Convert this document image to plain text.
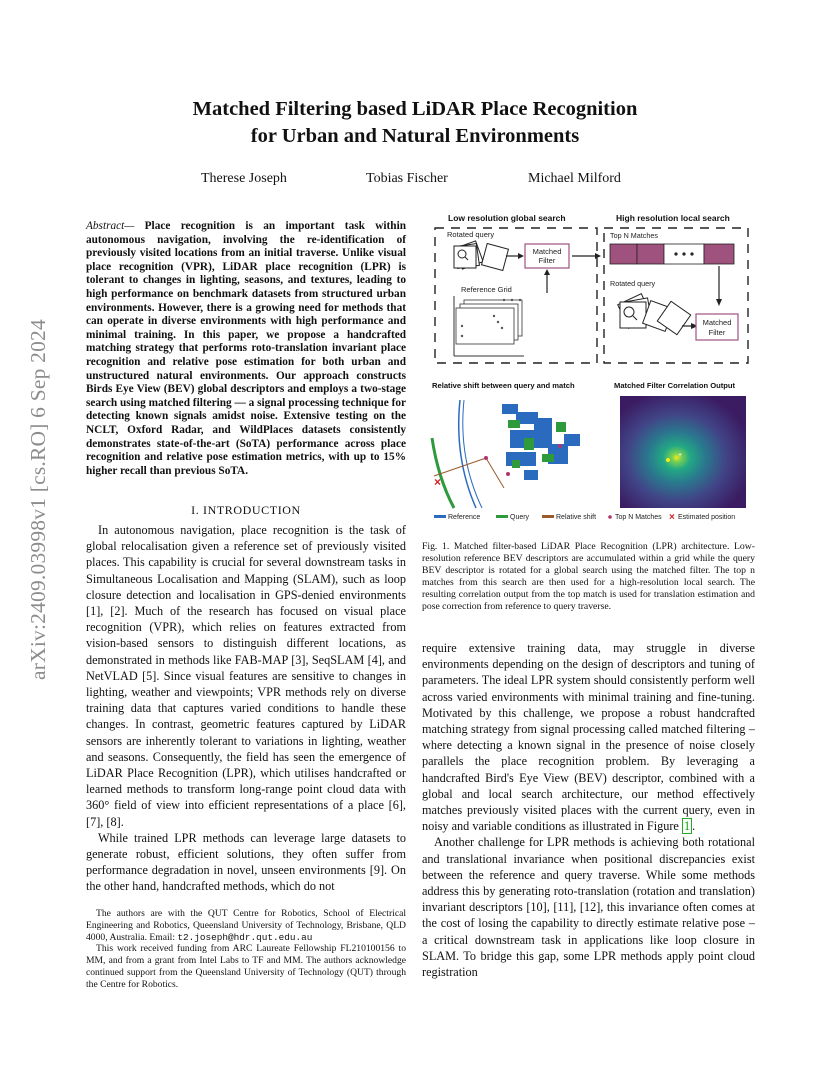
arXiv:2409.03998v1 [cs.RO] 6 Sep 2024
Matched Filtering based LiDAR Place Recognition
for Urban and Natural Environments
Therese Joseph	Tobias Fischer	Michael Milford
Abstract— Place recognition is an important task within autonomous navigation, involving the re-identification of previously visited locations from an initial traverse. Unlike visual place recognition (VPR), LiDAR place recognition (LPR) is tolerant to changes in lighting, seasons, and textures, leading to high performance on benchmark datasets from structured urban environments. However, there is a growing need for methods that can operate in diverse environments with high performance and minimal training. In this paper, we propose a handcrafted matching strategy that performs roto-translation invariant place recognition and relative pose estimation for both urban and unstructured natural environments. Our approach constructs Birds Eye View (BEV) global descriptors and employs a two-stage search using matched filtering — a signal processing technique for detecting known signals amidst noise. Extensive testing on the NCLT, Oxford Radar, and WildPlaces datasets consistently demonstrates state-of-the-art (SoTA) performance across place recognition and relative pose estimation metrics, with up to 15% higher recall than previous SoTA.
I. INTRODUCTION

In autonomous navigation, place recognition is the task of global relocalisation given a reference set of previously visited places. This capability is crucial for several downstream tasks in Simultaneous Localisation and Mapping (SLAM), such as loop closure detection and localisation in GPS-denied environments [1], [2]. Much of the research has focused on visual place recognition (VPR), which relies on features extracted from vision-based sensors to distinguish different locations, as demonstrated in methods like FAB-MAP [3], SeqSLAM [4], and NetVLAD [5]. Since visual features are sensitive to changes in lighting, weather and viewpoints; VPR methods rely on diverse training data that captures varied conditions to handle these changes. In contrast, geometric features captured by LiDAR sensors are inherently tolerant to variations in lighting, weather and seasons. Consequently, the field has seen the emergence of LiDAR Place Recognition (LPR), which utilises handcrafted or learned methods to transform long-range point cloud data with 360° field of view into efficient representations of a place [6], [7], [8].

While trained LPR methods can leverage large datasets to generate robust, efficient solutions, they often suffer from performance degradation in novel, unseen environments [9]. On the other hand, handcrafted methods, which do not

The authors are with the QUT Centre for Robotics, School of Electrical Engineering and Robotics, Queensland University of Technology, Brisbane, QLD 4000, Australia. Email: t2.joseph@hdr.qut.edu.au

This work received funding from ARC Laureate Fellowship FL210100156 to MM, and from a grant from Intel Labs to TF and MM. The authors acknowledge continued support from the Queensland University of Technology (QUT) through the Centre for Robotics.

Low resolution global search	High resolution local search
Rotated query
Matched
Filter
Reference Grid
Top N Matches
Rotated query
Matched
Filter
Relative shift between query and match	Matched Filter Correlation Output
×
+
Reference	Query	Relative shift	Top N Matches × Estimated position
Fig. 1. Matched filter-based LiDAR Place Recognition (LPR) architecture. Low-resolution reference BEV descriptors are accumulated within a grid while the query BEV descriptor is rotated for a global search using the matched filter. The top n matches from this search are then used for a high-resolution local search. The resulting correlation output from the top match is used for translation estimation and pose correction from reference to query traverse.

require extensive training data, may struggle in diverse environments depending on the design of descriptors and tuning of parameters. The ideal LPR system should consistently perform well across varied environments with minimal training and fine-tuning. Motivated by this challenge, we propose a robust handcrafted matching strategy from signal processing called matched filtering – where detecting a known signal in the presence of noise closely parallels the place recognition problem. By leveraging a handcrafted Bird's Eye View (BEV) descriptor, combined with a global and local search architecture, our method effectively matches previously visited places with the current query, even in noisy and variable conditions as illustrated in Figure 1 .

Another challenge for LPR methods is achieving both rotational and translational invariance when positional discrepancies exist between the reference and query traverse. While some methods address this by generating roto-translation (rotation and translation) invariant descriptors [10], [11], [12], this invariance often comes at the cost of losing the capability to directly estimate relative pose – a critical downstream task in applications like loop closure in SLAM. To bridge this gap, some LPR methods apply point cloud registration
